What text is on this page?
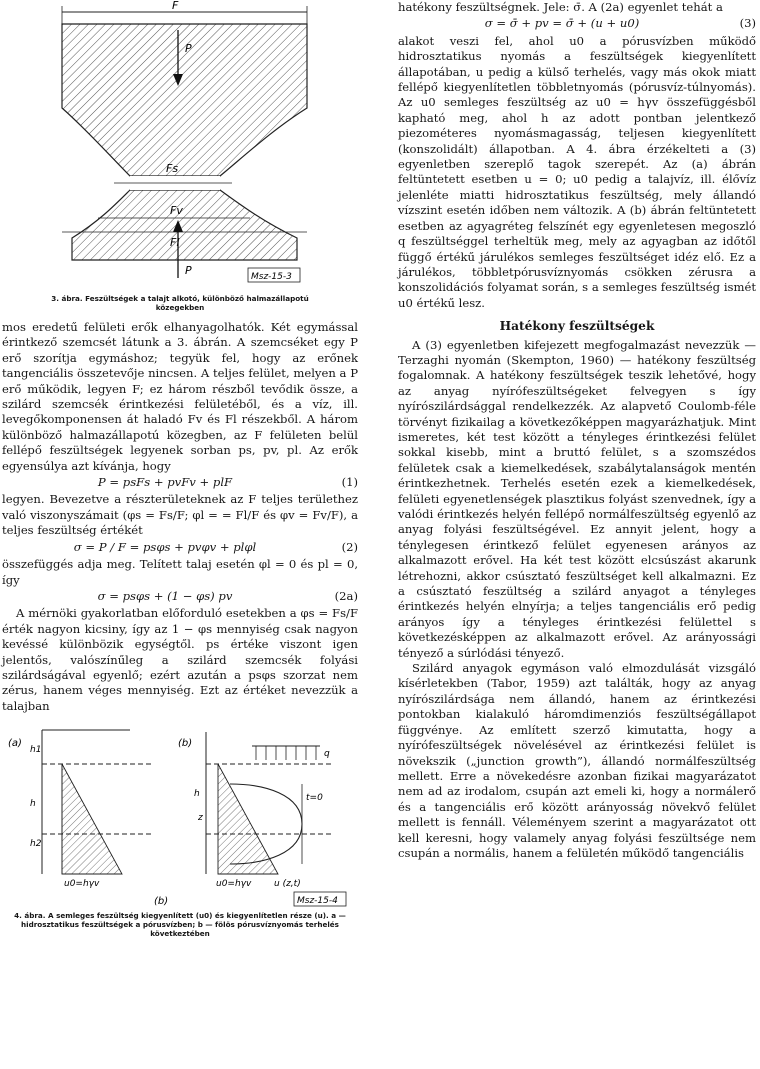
F
P
Fs
Fv
Fl
P	Msz-15-3
3. ábra. Feszültségek a talajt alkotó, különböző halmazállapotú közegekben

mos eredetű felületi erők elhanyagolhatók. Két egymással érintkező szemcsét látunk a 3. ábrán. A szemcséket egy P erő szorítja egymáshoz; tegyük fel, hogy az erőnek tangenciális összetevője nincsen. A teljes felület, melyen a P erő működik, legyen F; ez három részből tevődik össze, a szilárd szemcsék érintkezési felületéből, és a víz, ill. levegőkomponensen át haladó Fv és Fl részekből. A három különböző halmazállapotú közegben, az F felületen belül fellépő feszültségek legyenek sorban ps, pv, pl. Az erők egyensúlya azt kívánja, hogy

P = psFs + pvFv + plF	(1)

legyen. Bevezetve a részterületeknek az F teljes területhez való viszonyszámait (φs = Fs/F; φl = = Fl/F és φv = Fv/F), a teljes feszültség értékét

σ = P / F = psφs + pvφv + plφl	(2)

összefüggés adja meg. Telített talaj esetén φl = 0 és pl = 0, így

σ = psφs + (1 − φs) pv	(2a)

A mérnöki gyakorlatban előforduló esetekben a φs = Fs/F érték nagyon kicsiny, így az 1 − φs mennyiség csak nagyon kevéssé különbözik egységtől. ps értéke viszont igen jelentős, valószínűleg a szilárd szemcsék folyási szilárdságával egyenlő; ezért azután a psφs szorzat nem zérus, hanem véges mennyiség. Ezt az értéket nevezzük a talajban

(a)
h1
h
h2
u0=hγv
(b)
q
t=0
h
z
u0=hγv	u (z,t)
(b)	Msz-15-4
4. ábra. A semleges feszültség kiegyenlített (u0) és kiegyenlítetlen része (u). a — hidrosztatikus feszültségek a pórusvízben; b — fölös pórusvíznyomás terhelés következtében

hatékony feszültségnek. Jele: σ̄. A (2a) egyenlet tehát a

σ = σ̄ + pv = σ̄ + (u + u0)	(3)

alakot veszi fel, ahol u0 a pórusvízben működő hidrosztatikus nyomás a feszültségek kiegyenlített állapotában, u pedig a külső terhelés, vagy más okok miatt fellépő kiegyenlítetlen többletnyomás (pórusvíz-túlnyomás). Az u0 semleges feszültség az u0 = hγv összefüggésből kapható meg, ahol h az adott pontban jelentkező piezométeres nyomásmagasság, teljesen kiegyenlített (konszolidált) állapotban. A 4. ábra érzékelteti a (3) egyenletben szereplő tagok szerepét. Az (a) ábrán feltüntetett esetben u = 0; u0 pedig a talajvíz, ill. élővíz jelenléte miatti hidrosztatikus feszültség, mely állandó vízszint esetén időben nem változik. A (b) ábrán feltüntetett esetben az agyagréteg felszínét egy egyenletesen megoszló q feszültséggel terheltük meg, mely az agyagban az időtől függő értékű járulékos semleges feszültséget idéz elő. Ez a járulékos, többletpórusvíznyomás csökken zérusra a konszolidációs folyamat során, s a semleges feszültség ismét u0 értékű lesz.

Hatékony feszültségek

A (3) egyenletben kifejezett megfogalmazást nevezzük — Terzaghi nyomán (Skempton, 1960) — hatékony feszültség fogalomnak. A hatékony feszültségek teszik lehetővé, hogy az anyag nyírófeszültségeket felvegyen s így nyírószilárdsággal rendelkezzék. Az alapvető Coulomb-féle törvényt fizikailag a következőképpen magyarázhatjuk. Mint ismeretes, két test között a tényleges érintkezési felület sokkal kisebb, mint a bruttó felület, s a szomszédos felületek csak a kiemelkedések, szabálytalanságok mentén érintkezhetnek. Terhelés esetén ezek a kiemelkedések, felületi egyenetlenségek plasztikus folyást szenvednek, így a valódi érintkezés helyén fellépő normálfeszültség egyenlő az anyag folyási feszültségével. Ez annyit jelent, hogy a ténylegesen érintkező felület egyenesen arányos az alkalmazott erővel. Ha két test között elcsúszást akarunk létrehozni, akkor csúsztató feszültséget kell alkalmazni. Ez a csúsztató feszültség a szilárd anyagot a tényleges érintkezés helyén elnyírja; a teljes tangenciális erő pedig arányos így a tényleges érintkezési felülettel s következésképpen az alkalmazott erővel. Az arányossági tényező a súrlódási tényező.

Szilárd anyagok egymáson való elmozdulását vizsgáló kísérletekben (Tabor, 1959) azt találták, hogy az anyag nyírószilárdsága nem állandó, hanem az érintkezési pontokban kialakuló háromdimenziós feszültségállapot függvénye. Az említett szerző kimutatta, hogy a nyírófeszültségek növelésével az érintkezési felület is növekszik („junction growth”), állandó normálfeszültség mellett. Erre a növekedésre azonban fizikai magyarázatot nem ad az irodalom, csupán azt emeli ki, hogy a normálerő és a tangenciális erő között arányosság növekvő felület mellett is fennáll. Véleményem szerint a magyarázatot ott kell keresni, hogy valamely anyag folyási feszültsége nem csupán a normális, hanem a felületén működő tangenciális
